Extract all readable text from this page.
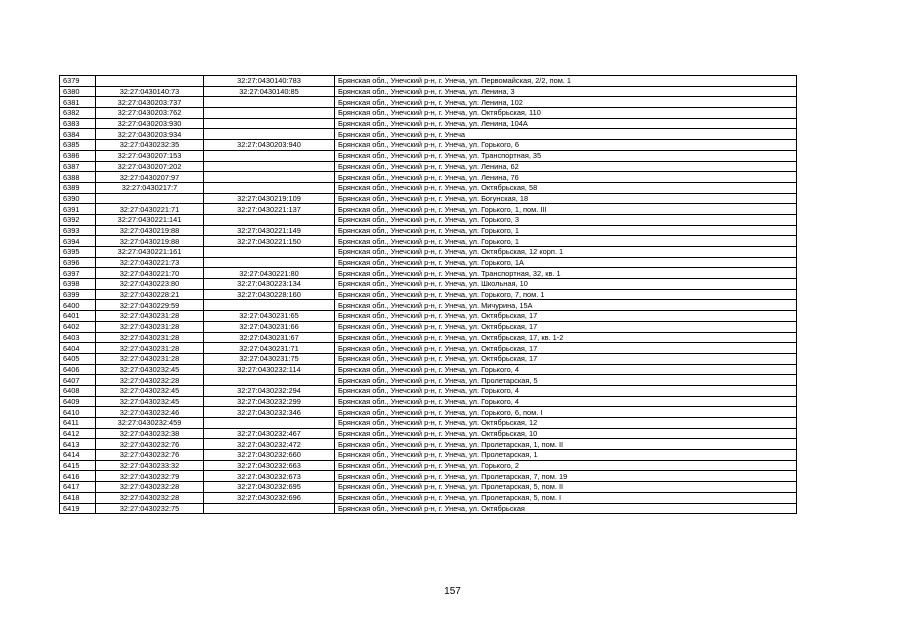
6379		32:27:0430140:783	Брянская обл., Унечский р-н, г. Унеча, ул. Первомайская, 2/2, пом. 1
6380	32:27:0430140:73	32:27:0430140:85	Брянская обл., Унечский р-н, г. Унеча, ул. Ленина, 3
6381	32:27:0430203:737		Брянская обл., Унечский р-н, г. Унеча, ул. Ленина, 102
6382	32:27:0430203:762		Брянская обл., Унечский р-н, г. Унеча, ул. Октябрьская, 110
6383	32:27:0430203:930		Брянская обл., Унечский р-н, г. Унеча, ул. Ленина, 104А
6384	32:27:0430203:934		Брянская обл., Унечский р-н, г. Унеча
6385	32:27:0430232:35	32:27:0430203:940	Брянская обл., Унечский р-н, г. Унеча, ул. Горького, 6
6386	32:27:0430207:153		Брянская обл., Унечский р-н, г. Унеча, ул. Транспортная, 35
6387	32:27:0430207:202		Брянская обл., Унечский р-н, г. Унеча, ул. Ленина, 62
6388	32:27:0430207:97		Брянская обл., Унечский р-н, г. Унеча, ул. Ленина, 76
6389	32:27:0430217:7		Брянская обл., Унечский р-н, г. Унеча, ул. Октябрьская, 58
6390		32:27:0430219:109	Брянская обл., Унечский р-н, г. Унеча, ул. Богунская, 18
6391	32:27:0430221:71	32:27:0430221:137	Брянская обл., Унечский р-н, г. Унеча, ул. Горького, 1, пом. III
6392	32:27:0430221:141		Брянская обл., Унечский р-н, г. Унеча, ул. Горького, 3
6393	32:27:0430219:88	32:27:0430221:149	Брянская обл., Унечский р-н, г. Унеча, ул. Горького, 1
6394	32:27:0430219:88	32:27:0430221:150	Брянская обл., Унечский р-н, г. Унеча, ул. Горького, 1
6395	32:27:0430221:161		Брянская обл., Унечский р-н, г. Унеча, ул. Октябрьская, 12 корп. 1
6396	32:27:0430221:73		Брянская обл., Унечский р-н, г. Унеча, ул. Горького, 1А
6397	32:27:0430221:70	32:27:0430221:80	Брянская обл., Унечский р-н, г. Унеча, ул. Транспортная, 32, кв. 1
6398	32:27:0430223:80	32:27:0430223:134	Брянская обл., Унечский р-н, г. Унеча, ул. Школьная, 10
6399	32:27:0430228:21	32:27:0430228:160	Брянская обл., Унечский р-н, г. Унеча, ул. Горького, 7, пом. 1
6400	32:27:0430229:59		Брянская обл., Унечский р-н, г. Унеча, ул. Мичурина, 15А
6401	32:27:0430231:28	32:27:0430231:65	Брянская обл., Унечский р-н, г. Унеча, ул. Октябрьская, 17
6402	32:27:0430231:28	32:27:0430231:66	Брянская обл., Унечский р-н, г. Унеча, ул. Октябрьская, 17
6403	32:27:0430231:28	32:27:0430231:67	Брянская обл., Унечский р-н, г. Унеча, ул. Октябрьская, 17, кв. 1-2
6404	32:27:0430231:28	32:27:0430231:71	Брянская обл., Унечский р-н, г. Унеча, ул. Октябрьская, 17
6405	32:27:0430231:28	32:27:0430231:75	Брянская обл., Унечский р-н, г. Унеча, ул. Октябрьская, 17
6406	32:27:0430232:45	32:27:0430232:114	Брянская обл., Унечский р-н, г. Унеча, ул. Горького, 4
6407	32:27:0430232:28		Брянская обл., Унечский р-н, г. Унеча, ул. Пролетарская, 5
6408	32:27:0430232:45	32:27:0430232:294	Брянская обл., Унечский р-н, г. Унеча, ул. Горького, 4
6409	32:27:0430232:45	32:27:0430232:299	Брянская обл., Унечский р-н, г. Унеча, ул. Горького, 4
6410	32:27:0430232:46	32:27:0430232:346	Брянская обл., Унечский р-н, г. Унеча, ул. Горького, 6, пом. I
6411	32:27:0430232:459		Брянская обл., Унечский р-н, г. Унеча, ул. Октябрьская, 12
6412	32:27:0430232:38	32:27:0430232:467	Брянская обл., Унечский р-н, г. Унеча, ул. Октябрьская, 10
6413	32:27:0430232:76	32:27:0430232:472	Брянская обл., Унечский р-н, г. Унеча, ул. Пролетарская, 1, пом. II
6414	32:27:0430232:76	32:27:0430232:660	Брянская обл., Унечский р-н, г. Унеча, ул. Пролетарская, 1
6415	32:27:0430233:32	32:27:0430232:663	Брянская обл., Унечский р-н, г. Унеча, ул. Горького, 2
6416	32:27:0430232:79	32:27:0430232:673	Брянская обл., Унечский р-н, г. Унеча, ул. Пролетарская, 7, пом. 19
6417	32:27:0430232:28	32:27:0430232:695	Брянская обл., Унечский р-н, г. Унеча, ул. Пролетарская, 5, пом. II
6418	32:27:0430232:28	32:27:0430232:696	Брянская обл., Унечский р-н, г. Унеча, ул. Пролетарская, 5, пом. I
6419	32:27:0430232:75		Брянская обл., Унечский р-н, г. Унеча, ул. Октябрьская
157
